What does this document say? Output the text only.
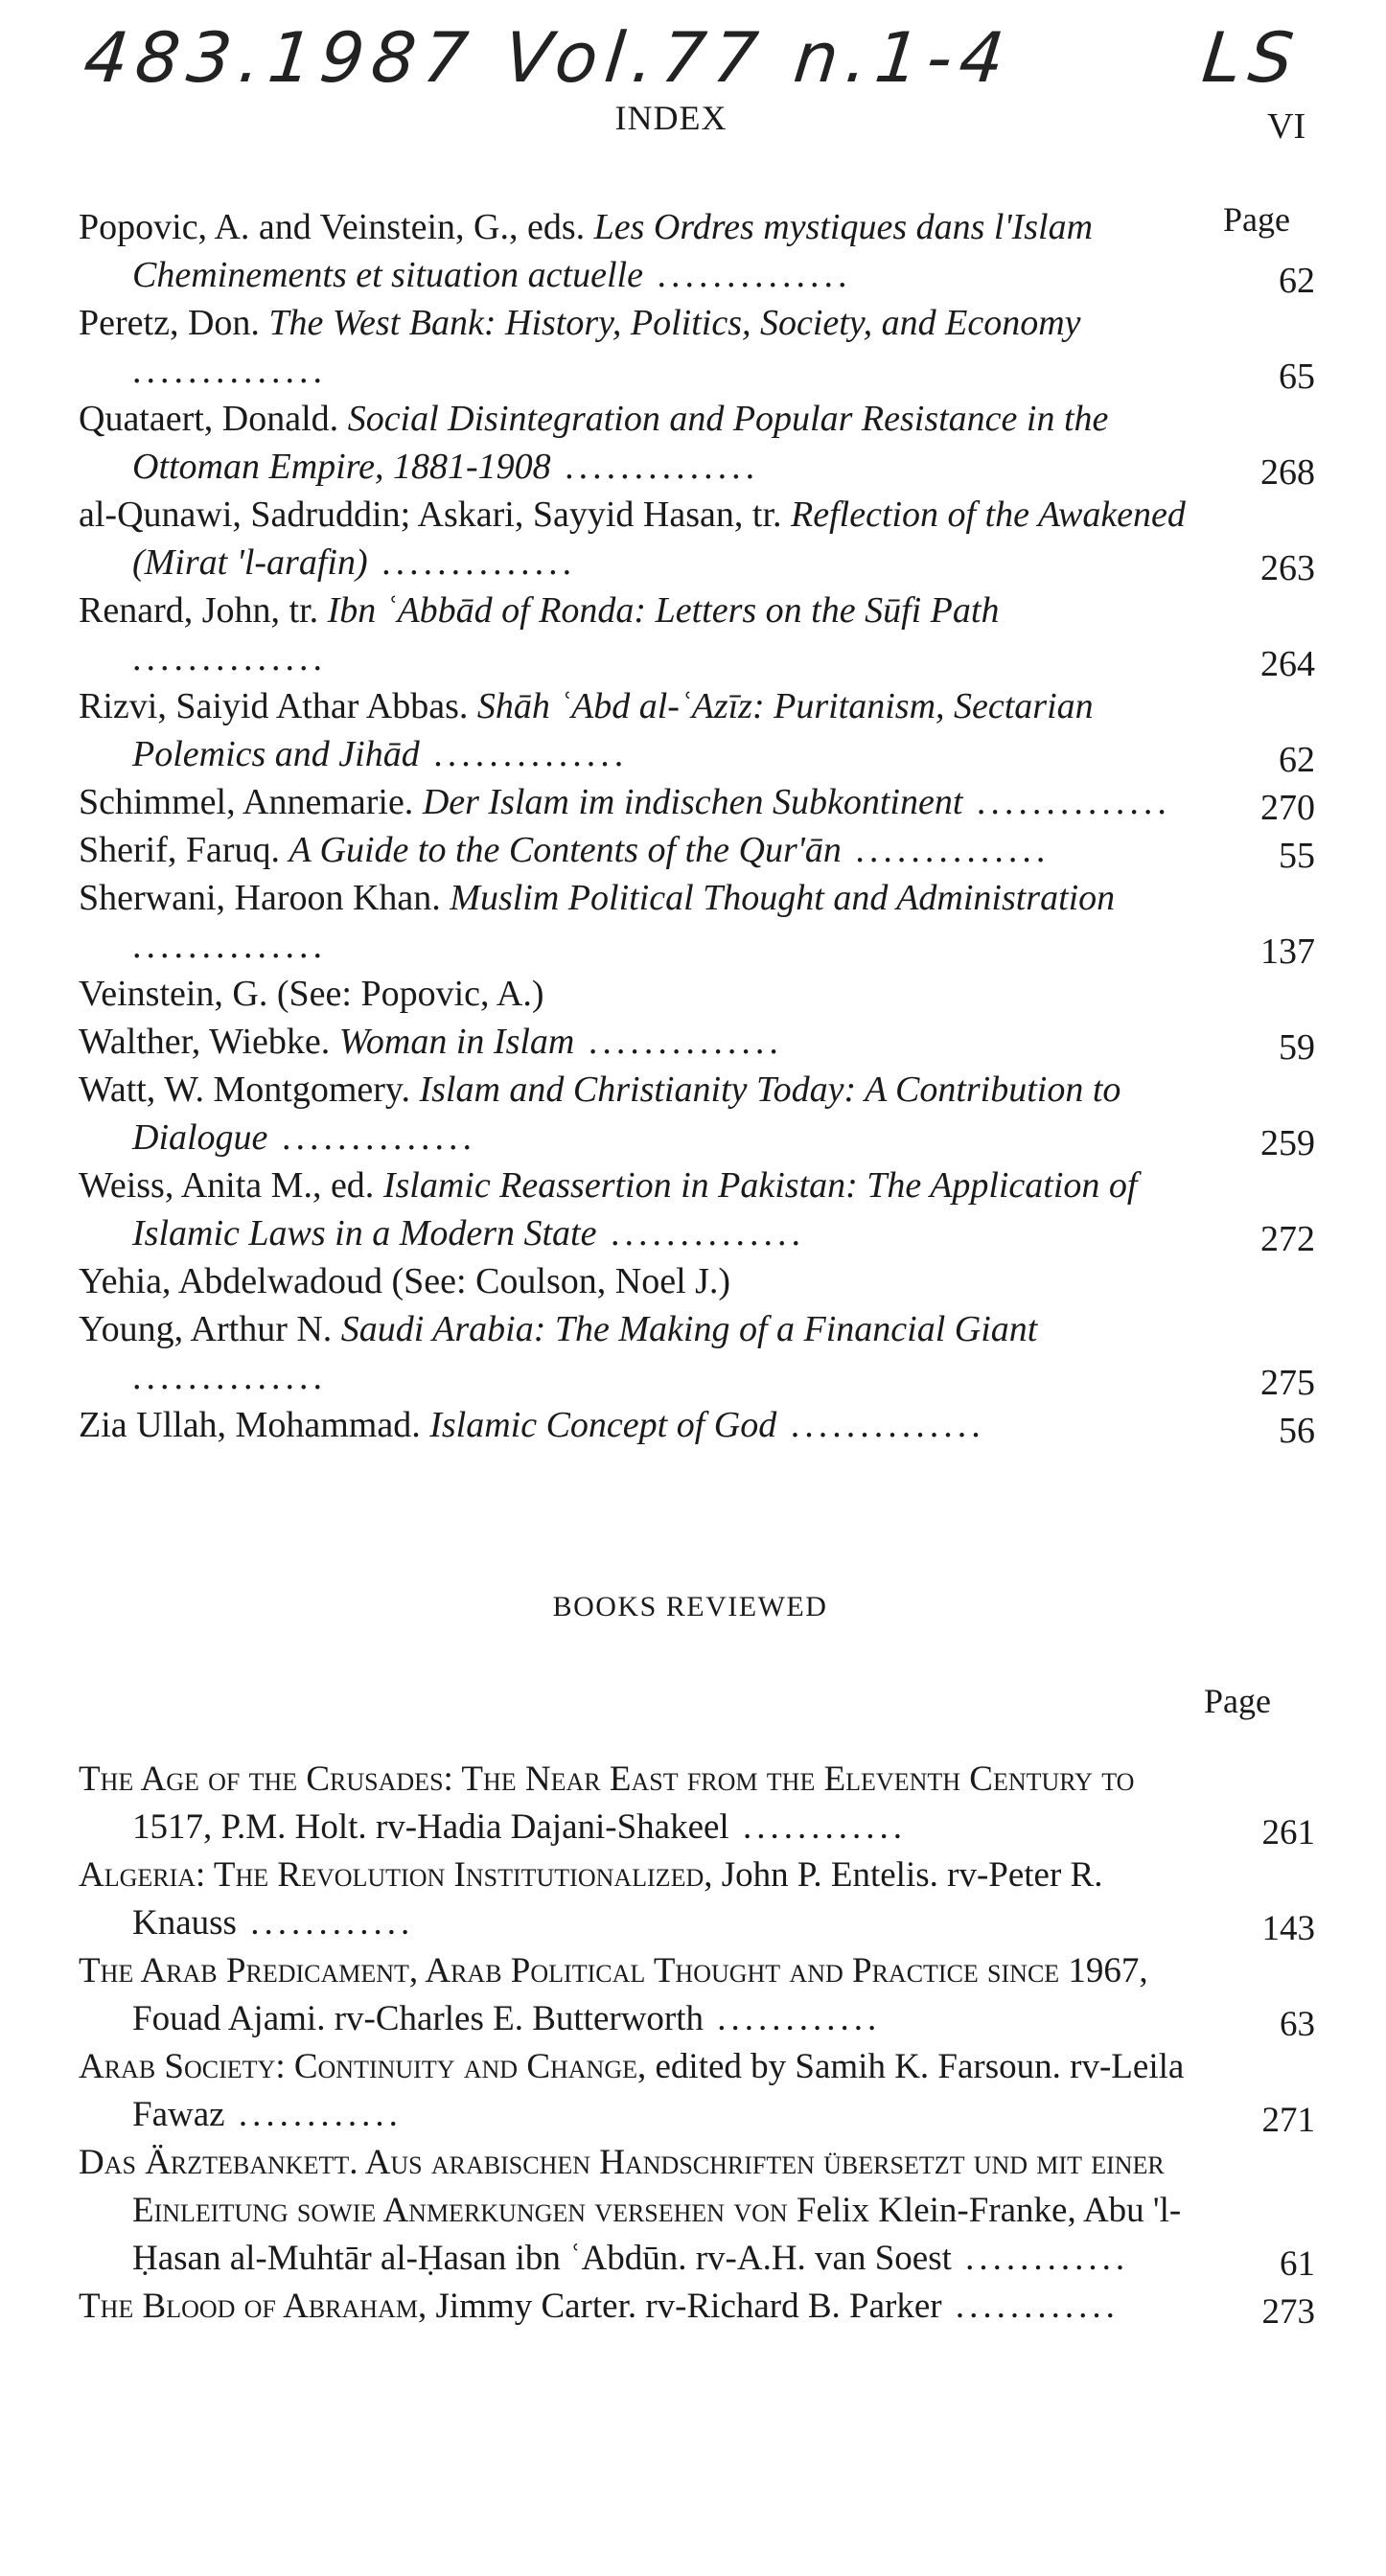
483.1987 Vol.77 n.1-4	LS
INDEX	VI
Page
Popovic, A. and Veinstein, G., eds. Les Ordres mystiques dans l'Islam Cheminements et situation actuelle ..............	62
Peretz, Don. The West Bank: History, Politics, Society, and Economy ..............	65
Quataert, Donald. Social Disintegration and Popular Resistance in the Ottoman Empire, 1881-1908 ..............	268
al-Qunawi, Sadruddin; Askari, Sayyid Hasan, tr. Reflection of the Awakened (Mirat 'l-arafin) ..............	263
Renard, John, tr. Ibn ʿAbbād of Ronda: Letters on the Sūfi Path ..............	264
Rizvi, Saiyid Athar Abbas. Shāh ʿAbd al-ʿAzīz: Puritanism, Sectarian Polemics and Jihād ..............	62
Schimmel, Annemarie. Der Islam im indischen Subkontinent ..............	270
Sherif, Faruq. A Guide to the Contents of the Qur'ān ..............	55
Sherwani, Haroon Khan. Muslim Political Thought and Administration ..............	137
Veinstein, G. (See: Popovic, A.)
Walther, Wiebke. Woman in Islam ..............	59
Watt, W. Montgomery. Islam and Christianity Today: A Contribution to Dialogue ..............	259
Weiss, Anita M., ed. Islamic Reassertion in Pakistan: The Application of Islamic Laws in a Modern State ..............	272
Yehia, Abdelwadoud (See: Coulson, Noel J.)
Young, Arthur N. Saudi Arabia: The Making of a Financial Giant ..............	275
Zia Ullah, Mohammad. Islamic Concept of God ..............	56
BOOKS REVIEWED
Page
The Age of the Crusades: The Near East from the Eleventh Century to 1517, P.M. Holt. rv-Hadia Dajani-Shakeel ............	261
Algeria: The Revolution Institutionalized, John P. Entelis. rv-Peter R. Knauss ............	143
The Arab Predicament, Arab Political Thought and Practice since 1967, Fouad Ajami. rv-Charles E. Butterworth ............	63
Arab Society: Continuity and Change, edited by Samih K. Farsoun. rv-Leila Fawaz ............	271
Das Ärztebankett. Aus arabischen Handschriften übersetzt und mit einer Einleitung sowie Anmerkungen versehen von Felix Klein-Franke, Abu 'l-Ḥasan al-Muhtār al-Ḥasan ibn ʿAbdūn. rv-A.H. van Soest ............	61
The Blood of Abraham, Jimmy Carter. rv-Richard B. Parker ............	273
